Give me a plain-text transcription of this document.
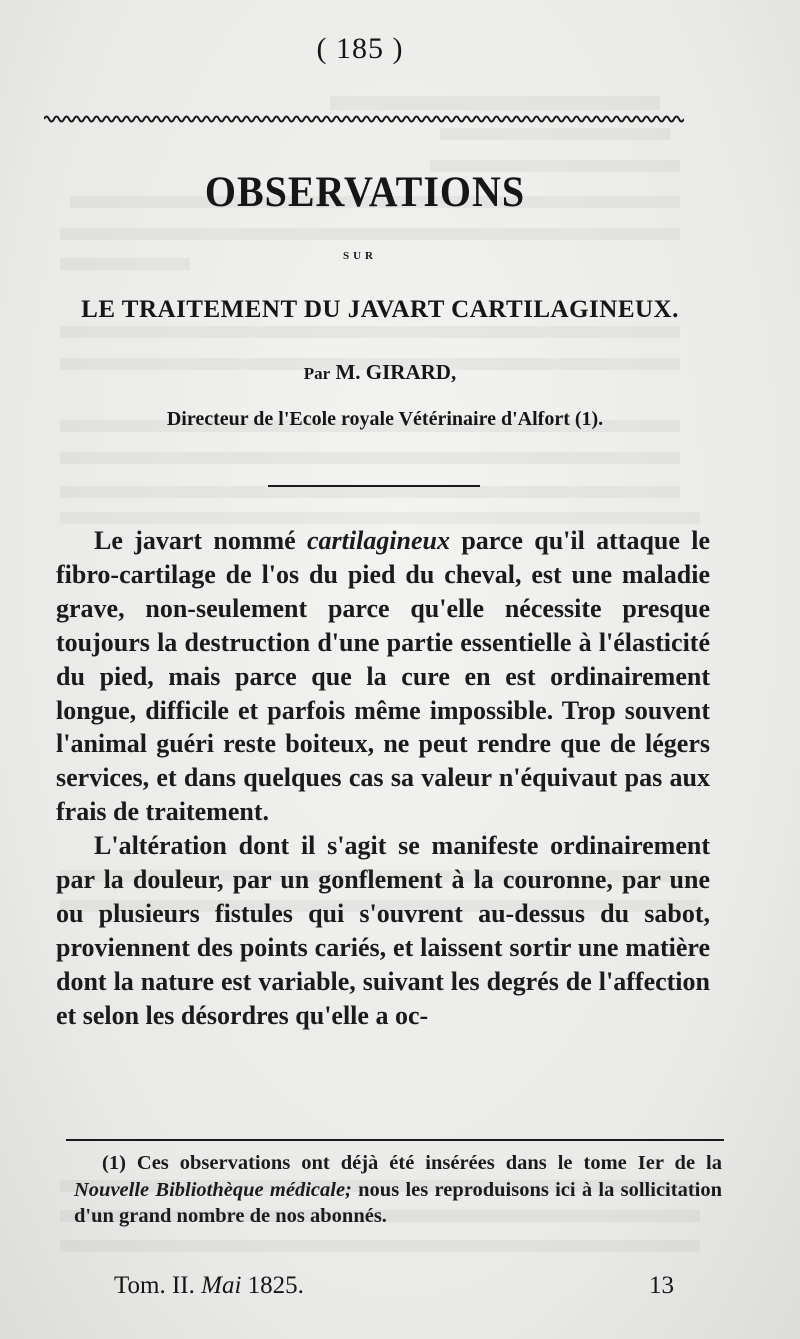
( 185 )
OBSERVATIONS
SUR
LE TRAITEMENT DU JAVART CARTILAGINEUX.
Par M. GIRARD,
Directeur de l'Ecole royale Vétérinaire d'Alfort (1).

Le javart nommé cartilagineux parce qu'il attaque le fibro-cartilage de l'os du pied du cheval, est une maladie grave, non-seulement parce qu'elle nécessite presque toujours la destruction d'une partie essentielle à l'élasticité du pied, mais parce que la cure en est ordinairement longue, difficile et parfois même impossible. Trop souvent l'animal guéri reste boiteux, ne peut rendre que de légers services, et dans quelques cas sa valeur n'équivaut pas aux frais de traitement.

L'altération dont il s'agit se manifeste ordinairement par la douleur, par un gonflement à la couronne, par une ou plusieurs fistules qui s'ouvrent au-dessus du sabot, proviennent des points cariés, et laissent sortir une matière dont la nature est variable, suivant les degrés de l'affection et selon les désordres qu'elle a oc-

(1) Ces observations ont déjà été insérées dans le tome Ier de la Nouvelle Bibliothèque médicale; nous les reproduisons ici à la sollicitation d'un grand nombre de nos abonnés.

Tom. II. Mai 1825.	13
